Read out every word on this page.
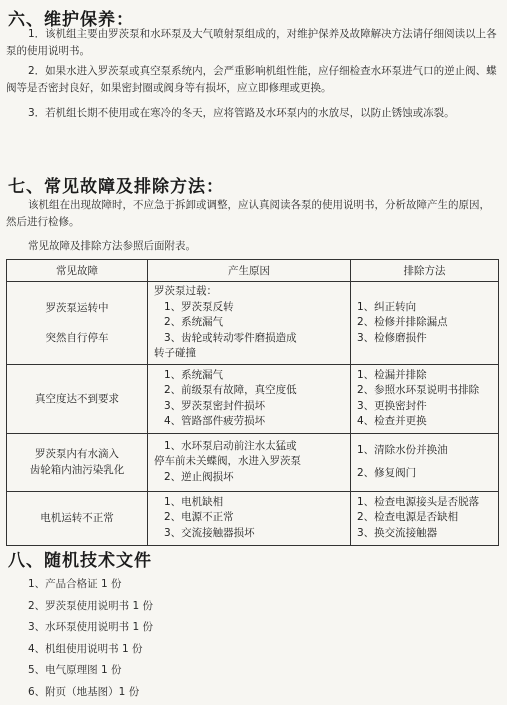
六、维护保养：

1．该机组主要由罗茨泵和水环泵及大气喷射泵组成的，对维护保养及故障解决方法请仔细阅读以上各泵的使用说明书。

2．如果水进入罗茨泵或真空泵系统内，会严重影响机组性能，应仔细检查水环泵进气口的逆止阀、蝶阀等是否密封良好，如果密封圈或阀身等有损坏，应立即修理或更换。

3．若机组长期不使用或在寒冷的冬天，应将管路及水环泵内的水放尽，以防止锈蚀或冻裂。

七、常见故障及排除方法：

该机组在出现故障时，不应急于拆卸或调整，应认真阅读各泵的使用说明书，分析故障产生的原因，然后进行检修。

常见故障及排除方法参照后面附表。

常见故障	产生原因	排除方法

罗茨泵运转中
突然自行停车	罗茨泵过载：
1、罗茨泵反转
2、系统漏气
3、齿轮或转动零件磨损造成
转子碰撞	1、纠正转向
2、检修并排除漏点
3、检修磨损件

真空度达不到要求	1、系统漏气
2、前级泵有故障，真空度低
3、罗茨泵密封件损坏
4、管路部件疲劳损坏	1、检漏并排除
2、参照水环泵说明书排除
3、更换密封件
4、检查并更换

罗茨泵内有水滴入
齿轮箱内油污染乳化	1、水环泵启动前注水太猛或
停车前未关蝶阀，水进入罗茨泵
2、逆止阀损坏	1、清除水份并换油
2、修复阀门

电机运转不正常	1、电机缺相
2、电源不正常
3、交流接触器损坏	1、检查电源接头是否脱落
2、检查电源是否缺相
3、换交流接触器
八、随机技术文件
1、产品合格证 1 份
2、罗茨泵使用说明书 1 份
3、水环泵使用说明书 1 份
4、机组使用说明书 1 份
5、电气原理图 1 份
6、附页（地基图）1 份
